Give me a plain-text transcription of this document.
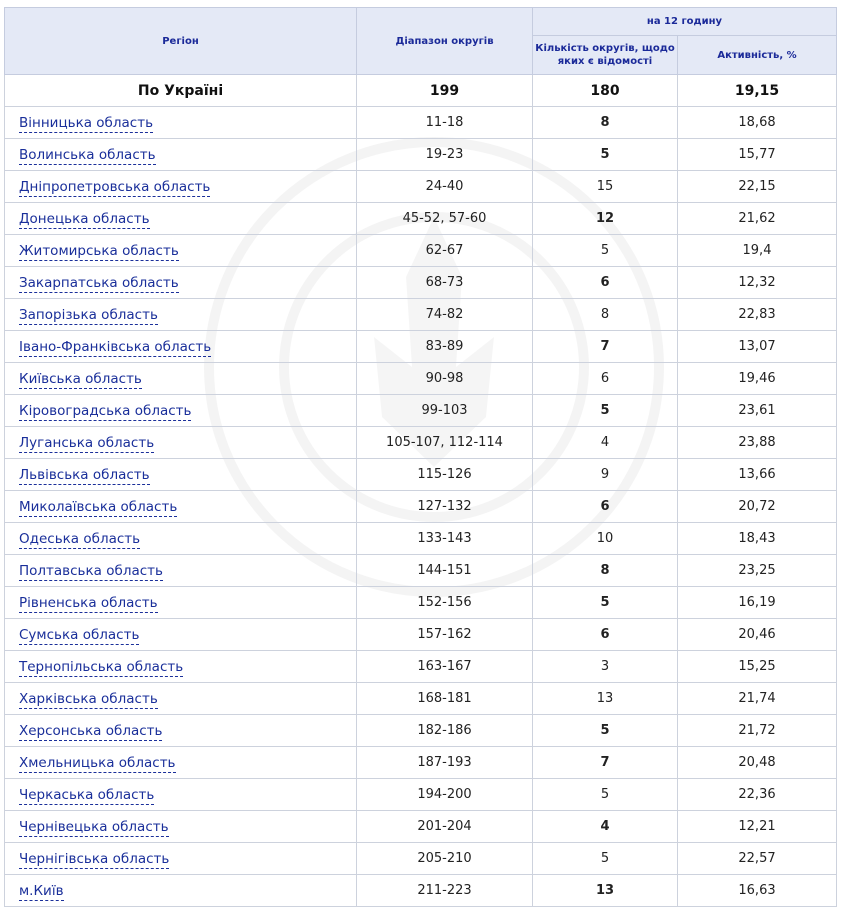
Регіон	Діапазон округів	на 12 годину	
		Кількість округів, щодо яких є відомості	Активність, %
По Україні	199	180	19,15
Вінницька область	11-18	8	18,68
Волинська область	19-23	5	15,77
Дніпропетровська область	24-40	15	22,15
Донецька область	45-52, 57-60	12	21,62
Житомирська область	62-67	5	19,4
Закарпатська область	68-73	6	12,32
Запорізька область	74-82	8	22,83
Івано-Франківська область	83-89	7	13,07
Київська область	90-98	6	19,46
Кіровоградська область	99-103	5	23,61
Луганська область	105-107, 112-114	4	23,88
Львівська область	115-126	9	13,66
Миколаївська область	127-132	6	20,72
Одеська область	133-143	10	18,43
Полтавська область	144-151	8	23,25
Рівненська область	152-156	5	16,19
Сумська область	157-162	6	20,46
Тернопільська область	163-167	3	15,25
Харківська область	168-181	13	21,74
Херсонська область	182-186	5	21,72
Хмельницька область	187-193	7	20,48
Черкаська область	194-200	5	22,36
Чернівецька область	201-204	4	12,21
Чернігівська область	205-210	5	22,57
м.Київ	211-223	13	16,63
